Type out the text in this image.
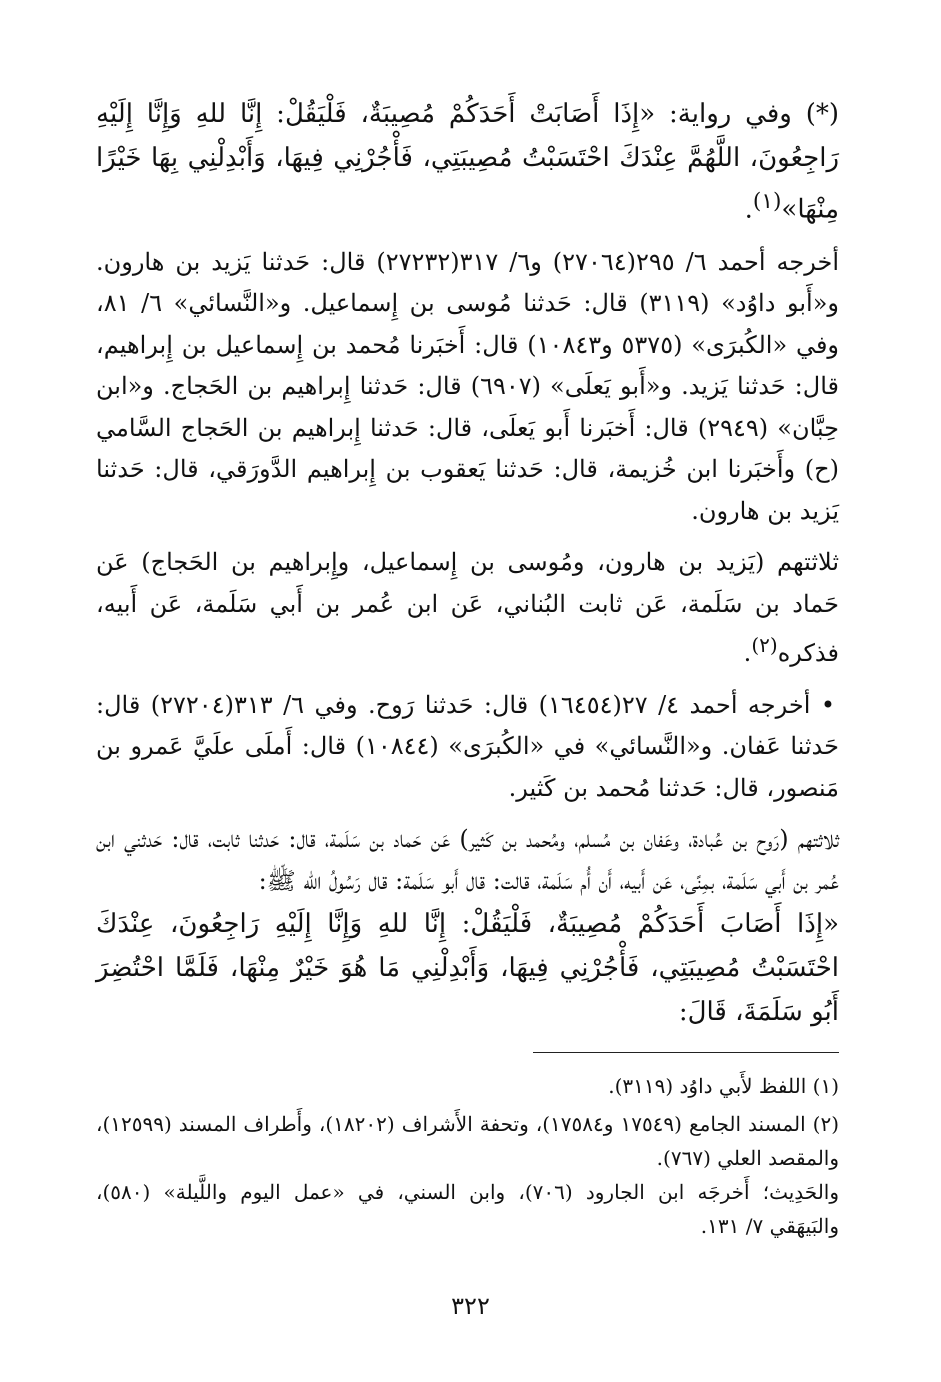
(*) وفي رواية: «إِذَا أَصَابَتْ أَحَدَكُمْ مُصِيبَةٌ، فَلْيَقُلْ: إِنَّا للهِ وَإِنَّا إِلَيْهِ رَاجِعُونَ، اللَّهُمَّ عِنْدَكَ احْتَسَبْتُ مُصِيبَتِي، فَأْجُرْنِي فِيهَا، وَأَبْدِلْنِي بِهَا خَيْرًا مِنْهَا»$^{(١)}$.

أخرجه أحمد ٦/ ٢٩٥(٢٧٠٦٤) و٦/ ٣١٧(٢٧٢٣٢) قال: حَدثنا يَزيد بن هارون. و«أَبو داوُد» (٣١١٩) قال: حَدثنا مُوسى بن إِسماعيل. و«النَّسائي» ٦/ ٨١، وفي «الكُبرَى» (٥٣٧٥ و١٠٨٤٣) قال: أَخبَرنا مُحمد بن إِسماعيل بن إِبراهيم، قال: حَدثنا يَزيد. و«أَبو يَعلَى» (٦٩٠٧) قال: حَدثنا إِبراهيم بن الحَجاج. و«ابن حِبَّان» (٢٩٤٩) قال: أَخبَرنا أَبو يَعلَى، قال: حَدثنا إِبراهيم بن الحَجاج السَّامي (ح) وأَخبَرنا ابن خُزيمة، قال: حَدثنا يَعقوب بن إِبراهيم الدَّورَقي، قال: حَدثنا يَزيد بن هارون.

ثلاثتهم (يَزيد بن هارون، ومُوسى بن إِسماعيل، وإِبراهيم بن الحَجاج) عَن حَماد بن سَلَمة، عَن ثابت البُناني، عَن ابن عُمر بن أَبي سَلَمة، عَن أَبيه، فذكره$^{(٢)}$.

• أخرجه أحمد ٤/ ٢٧(١٦٤٥٤) قال: حَدثنا رَوح. وفي ٦/ ٣١٣(٢٧٢٠٤) قال: حَدثنا عَفان. و«النَّسائي» في «الكُبرَى» (١٠٨٤٤) قال: أَملَى علَيَّ عَمرو بن مَنصور، قال: حَدثنا مُحمد بن كَثير.

ثلاثتهم (رَوح بن عُبادة، وعَفان بن مُسلم، ومُحمد بن كَثير) عَن حَماد بن سَلَمة، قال: حَدثنا ثابت، قال: حَدثني ابن عُمر بن أَبي سَلَمة، بمِنًى، عَن أَبيه، أَن أُم سَلَمة، قالت: قال أَبو سَلَمة: قال رَسُولُ الله ﷺ:

«إِذَا أَصَابَ أَحَدَكُمْ مُصِيبَةٌ، فَلْيَقُلْ: إِنَّا للهِ وَإِنَّا إِلَيْهِ رَاجِعُونَ، عِنْدَكَ احْتَسَبْتُ مُصِيبَتِي، فَأْجُرْنِي فِيهَا، وَأَبْدِلْنِي مَا هُوَ خَيْرٌ مِنْهَا، فَلَمَّا احْتُضِرَ أَبُو سَلَمَةَ، قَالَ:

(١) اللفظ لأَبي داوُد (٣١١٩).

(٢) المسند الجامع (١٧٥٤٩ و١٧٥٨٤)، وتحفة الأَشراف (١٨٢٠٢)، وأَطراف المسند (١٢٥٩٩)، والمقصد العلي (٧٦٧).

والحَدِيث؛ أَخرجَه ابن الجارود (٧٠٦)، وابن السني، في «عمل اليوم واللَّيلة» (٥٨٠)، والبَيهَقي ٧/ ١٣١.

٣٢٢
